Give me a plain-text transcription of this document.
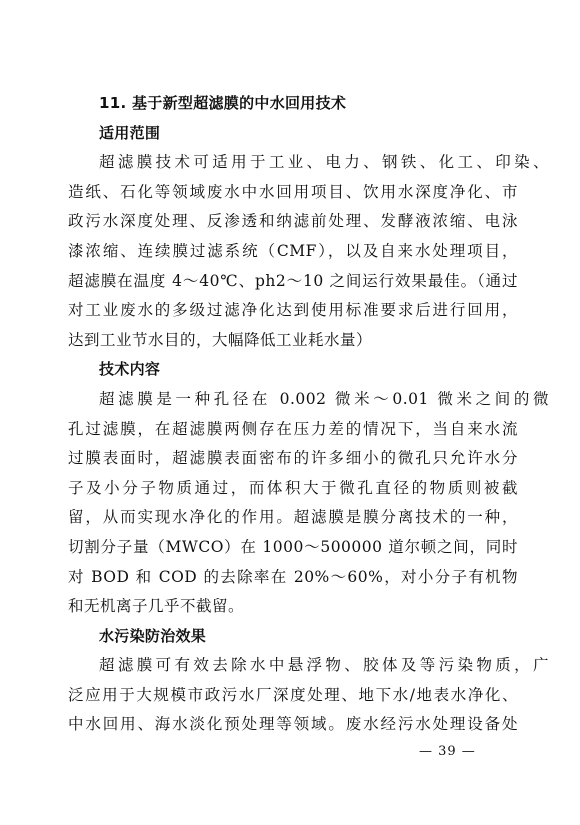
11. 基于新型超滤膜的中水回用技术
适用范围
超滤膜技术可适用于工业、电力、钢铁、化工、印染、
造纸、石化等领域废水中水回用项目、饮用水深度净化、市
政污水深度处理、反渗透和纳滤前处理、发酵液浓缩、电泳
漆浓缩、连续膜过滤系统（CMF），以及自来水处理项目，
超滤膜在温度 4～40℃、ph2～10 之间运行效果最佳。（通过
对工业废水的多级过滤净化达到使用标准要求后进行回用，
达到工业节水目的，大幅降低工业耗水量）
技术内容
超滤膜是一种孔径在 0.002 微米～0.01 微米之间的微
孔过滤膜，在超滤膜两侧存在压力差的情况下，当自来水流
过膜表面时，超滤膜表面密布的许多细小的微孔只允许水分
子及小分子物质通过，而体积大于微孔直径的物质则被截
留，从而实现水净化的作用。超滤膜是膜分离技术的一种，
切割分子量（MWCO）在 1000～500000 道尔顿之间，同时
对 BOD 和 COD 的去除率在 20%～60%，对小分子有机物
和无机离子几乎不截留。
水污染防治效果
超滤膜可有效去除水中悬浮物、胶体及等污染物质，广
泛应用于大规模市政污水厂深度处理、地下水/地表水净化、
中水回用、海水淡化预处理等领域。废水经污水处理设备处
— 39 —
